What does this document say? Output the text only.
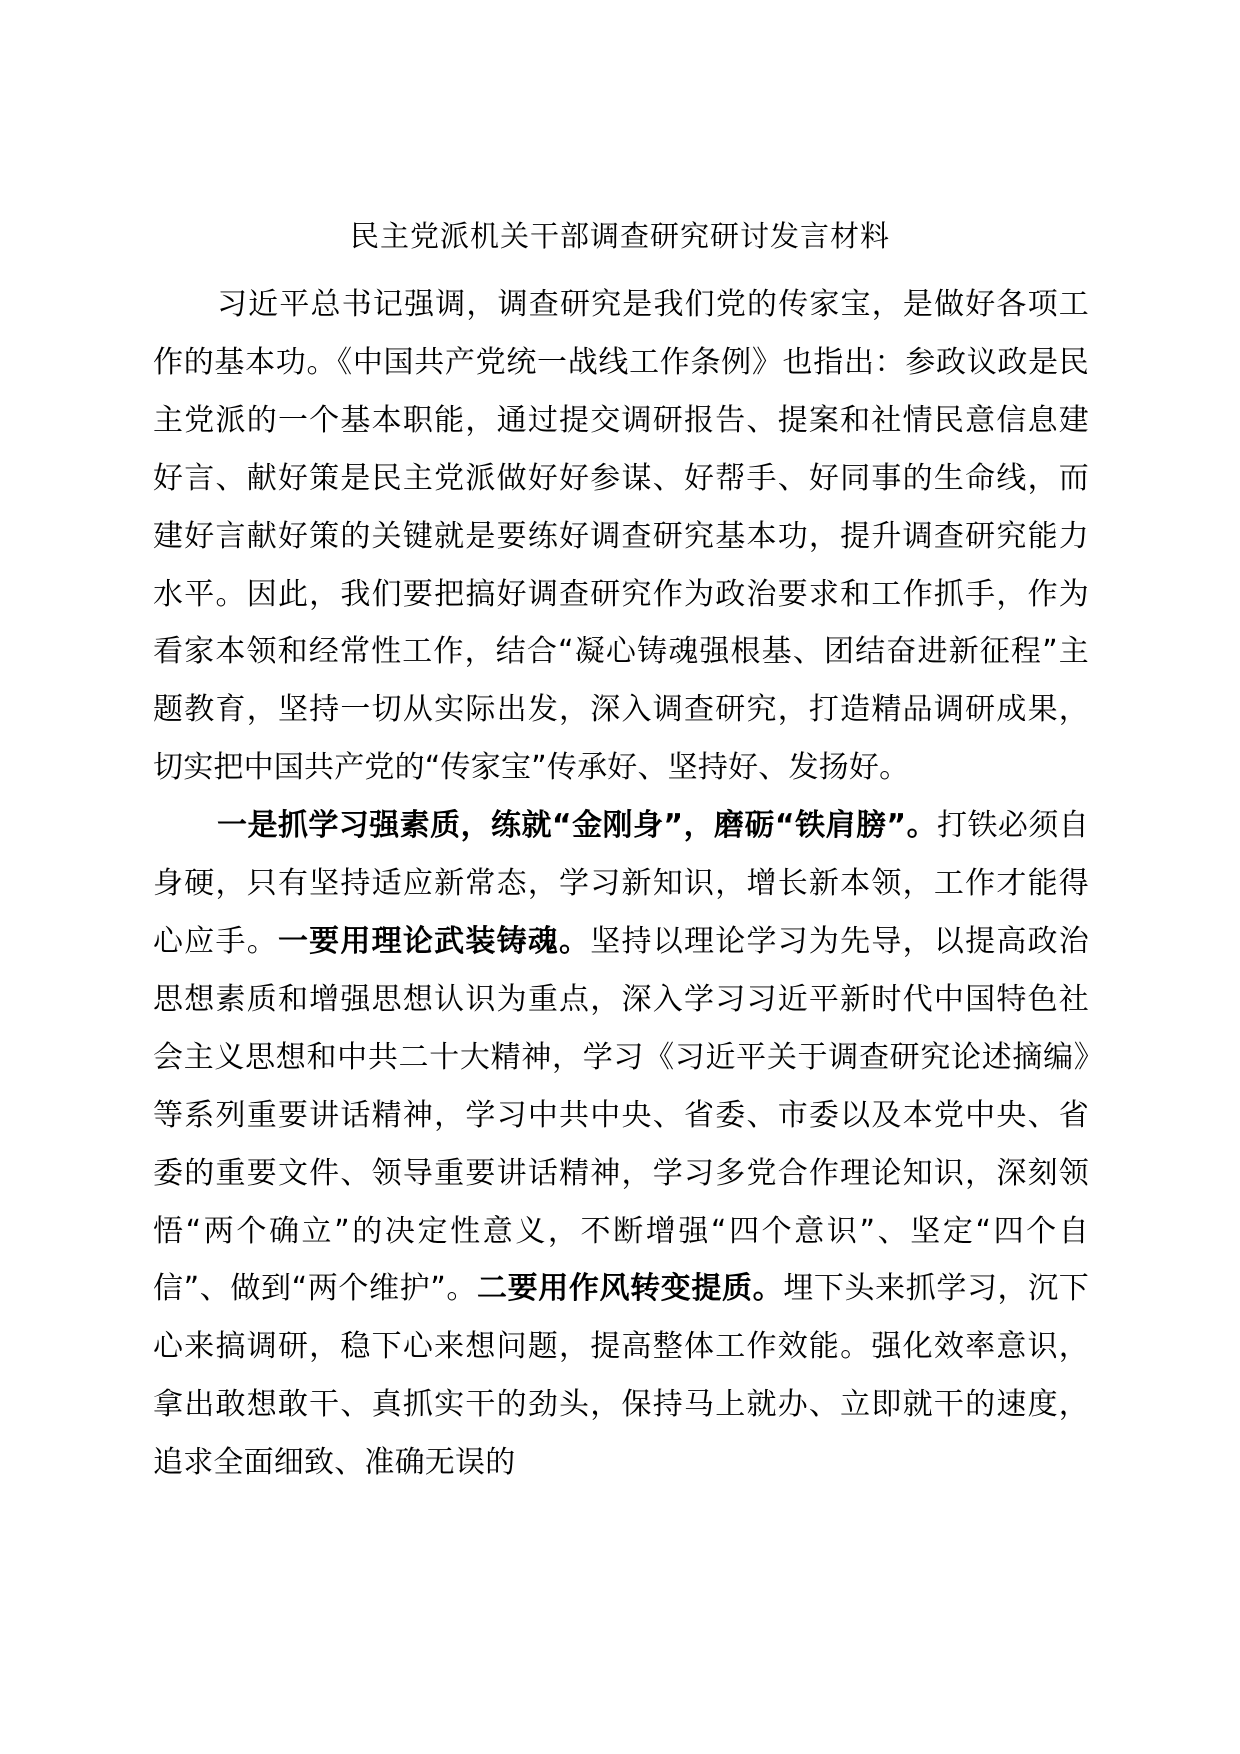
民主党派机关干部调查研究研讨发言材料

习近平总书记强调，调查研究是我们党的传家宝，是做好各项工作的基本功。《中国共产党统一战线工作条例》也指出：参政议政是民主党派的一个基本职能，通过提交调研报告、提案和社情民意信息建好言、献好策是民主党派做好好参谋、好帮手、好同事的生命线，而建好言献好策的关键就是要练好调查研究基本功，提升调查研究能力水平。因此，我们要把搞好调查研究作为政治要求和工作抓手，作为看家本领和经常性工作，结合“凝心铸魂强根基、团结奋进新征程”主题教育，坚持一切从实际出发，深入调查研究，打造精品调研成果，切实把中国共产党的“传家宝”传承好、坚持好、发扬好。

一是抓学习强素质，练就“金刚身”，磨砺“铁肩膀”。打铁必须自身硬，只有坚持适应新常态，学习新知识，增长新本领，工作才能得心应手。一要用理论武装铸魂。坚持以理论学习为先导，以提高政治思想素质和增强思想认识为重点，深入学习习近平新时代中国特色社会主义思想和中共二十大精神，学习《习近平关于调查研究论述摘编》等系列重要讲话精神，学习中共中央、省委、市委以及本党中央、省委的重要文件、领导重要讲话精神，学习多党合作理论知识，深刻领悟“两个确立”的决定性意义，不断增强“四个意识”、坚定“四个自信”、做到“两个维护”。二要用作风转变提质。埋下头来抓学习，沉下心来搞调研，稳下心来想问题，提高整体工作效能。强化效率意识，拿出敢想敢干、真抓实干的劲头，保持马上就办、立即就干的速度，追求全面细致、准确无误的
